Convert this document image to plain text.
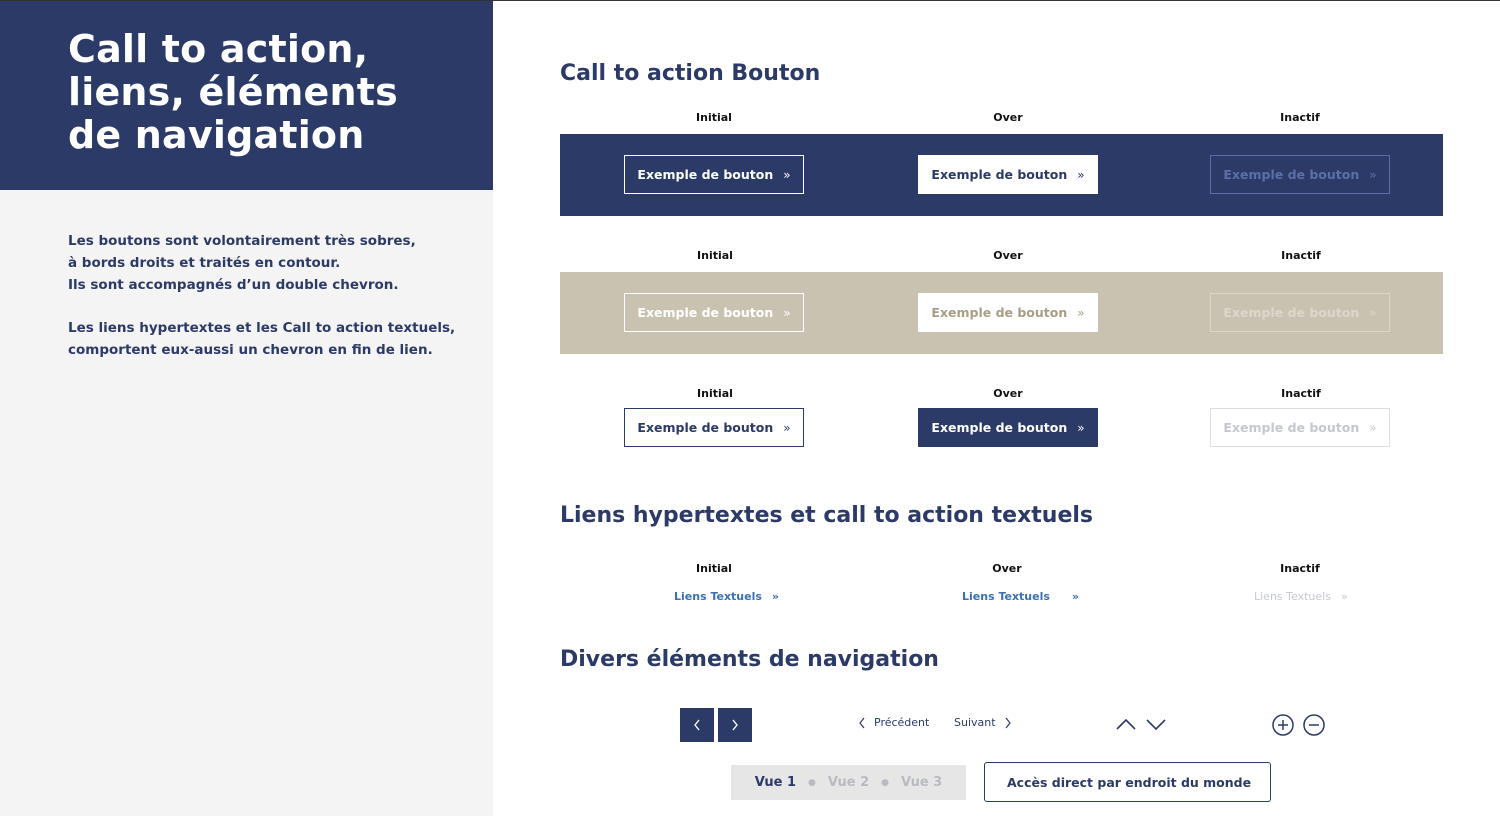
Call to action,
liens, éléments
de navigation
Les boutons sont volontairement très sobres,
à bords droits et traités en contour.
Ils sont accompagnés d’un double chevron.
Les liens hypertextes et les Call to action textuels,
comportent eux-aussi un chevron en fin de lien.
Call to action Bouton
Initial	Over	Inactif
Exemple de bouton »	Exemple de bouton »	Exemple de bouton »
Initial	Over	Inactif
Exemple de bouton »	Exemple de bouton »	Exemple de bouton »
Initial	Over	Inactif
Exemple de bouton »	Exemple de bouton »	Exemple de bouton »
Liens hypertextes et call to action textuels
Initial	Over	Inactif
Liens Textuels »	Liens Textuels »	Liens Textuels »
Divers éléments de navigation
Précédent Suivant
Vue 1 ● Vue 2 ● Vue 3	Accès direct par endroit du monde
